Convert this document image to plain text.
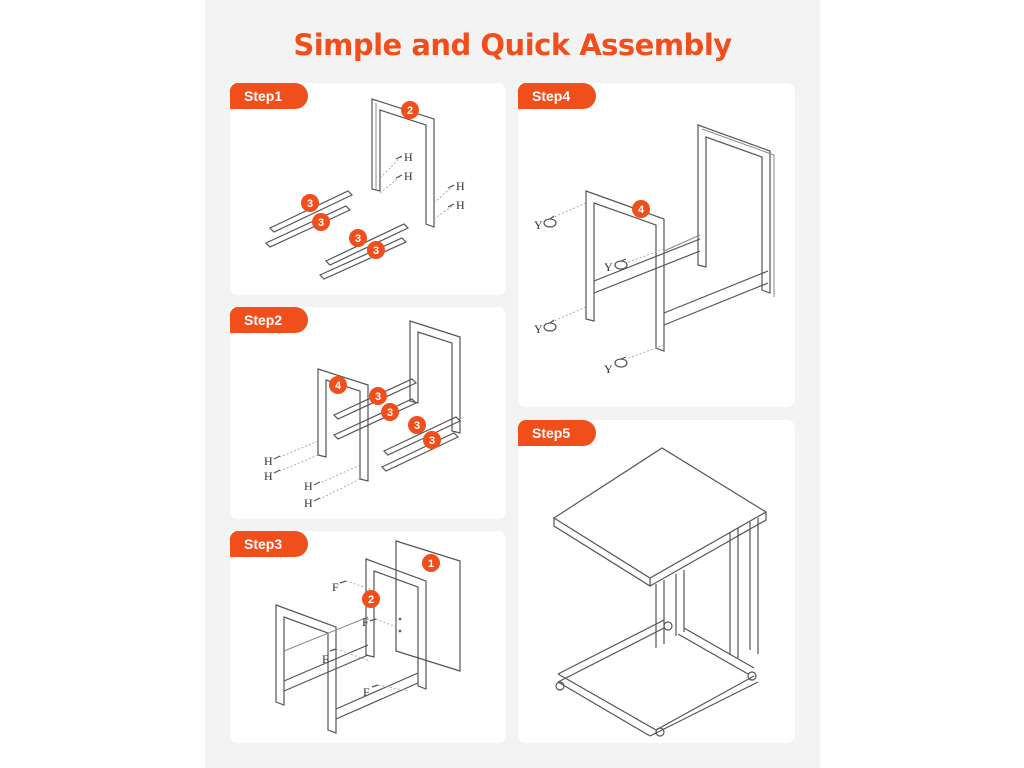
Simple and Quick Assembly
Step1
H
H
H
H
2
3
3
3
3
Step2
H
H
H
H
4
3
3
3
3
Step3
F
F
F
F
1
2
Step4
Y
Y
Y
Y
4
Step5
